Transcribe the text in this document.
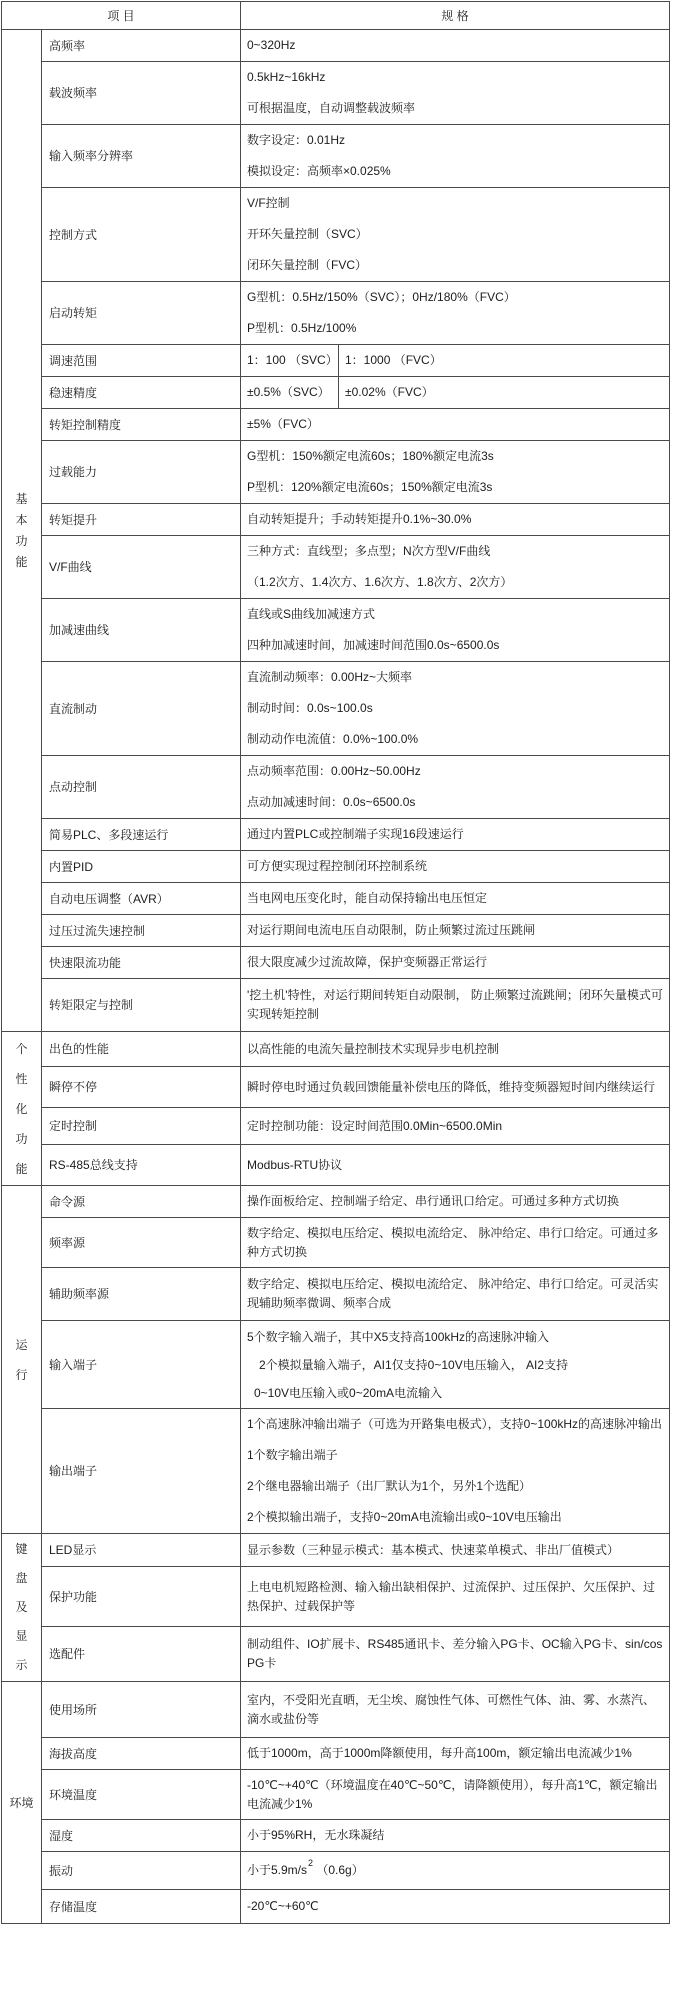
项 目		规 格	
基本功能	高频率	0~320Hz	

	载波频率	0.5kHz~16kHz
可根据温度，自动调整载波频率	

	输入频率分辨率	数字设定：0.01Hz
模拟设定：高频率×0.025%	

	控制方式	V/F控制
开环矢量控制（SVC）
闭环矢量控制（FVC）	

	启动转矩	G型机：0.5Hz/150%（SVC）；0Hz/180%（FVC）
P型机：0.5Hz/100%	

	调速范围	1：100 （SVC）	1：1000 （FVC）

	稳速精度	±0.5%（SVC）	±0.02%（FVC）

	转矩控制精度	±5%（FVC）	

	过载能力	G型机：150%额定电流60s；180%额定电流3s
P型机：120%额定电流60s；150%额定电流3s	

	转矩提升	自动转矩提升；手动转矩提升0.1%~30.0%	

	V/F曲线	三种方式：直线型；多点型；N次方型V/F曲线
（1.2次方、1.4次方、1.6次方、1.8次方、2次方）	

	加减速曲线	直线或S曲线加减速方式
四种加减速时间，加减速时间范围0.0s~6500.0s	

	直流制动	直流制动频率：0.00Hz~大频率
制动时间：0.0s~100.0s
制动动作电流值：0.0%~100.0%	

	点动控制	点动频率范围：0.00Hz~50.00Hz
点动加减速时间：0.0s~6500.0s	

	简易PLC、多段速运行	通过内置PLC或控制端子实现16段速运行	

	内置PID	可方便实现过程控制闭环控制系统	

	自动电压调整（AVR）	当电网电压变化时，能自动保持输出电压恒定	

	过压过流失速控制	对运行期间电流电压自动限制，防止频繁过流过压跳闸	

	快速限流功能	很大限度减少过流故障，保护变频器正常运行	

	转矩限定与控制	'挖土机'特性，对运行期间转矩自动限制， 防止频繁过流跳闸；闭环矢量模式可实现转矩控制	

个性化功能	出色的性能	以高性能的电流矢量控制技术实现异步电机控制	

	瞬停不停	瞬时停电时通过负载回馈能量补偿电压的降低，维持变频器短时间内继续运行	

	定时控制	定时控制功能：设定时间范围0.0Min~6500.0Min	

	RS-485总线支持	Modbus-RTU协议	

运行	命令源	操作面板给定、控制端子给定、串行通讯口给定。可通过多种方式切换	

	频率源	数字给定、模拟电压给定、模拟电流给定、 脉冲给定、串行口给定。可通过多种方式切换	

	辅助频率源	数字给定、模拟电压给定、模拟电流给定、 脉冲给定、串行口给定。可灵活实现辅助频率微调、频率合成	

	输入端子	5个数字输入端子，其中X5支持高100kHz的高速脉冲输入
2个模拟量输入端子，AI1仅支持0~10V电压输入， AI2支持
0~10V电压输入或0~20mA电流输入	

	输出端子	1个高速脉冲输出端子（可选为开路集电极式），支持0~100kHz的高速脉冲输出
1个数字输出端子
2个继电器输出端子（出厂默认为1个，另外1个选配）
2个模拟输出端子，支持0~20mA电流输出或0~10V电压输出	

键盘及显示	LED显示	显示参数（三种显示模式：基本模式、快速菜单模式、非出厂值模式）	

	保护功能	上电电机短路检测、输入输出缺相保护、过流保护、过压保护、欠压保护、过热保护、过载保护等	

	选配件	制动组件、IO扩展卡、RS485通讯卡、差分输入PG卡、OC输入PG卡、sin/cos PG卡	

环境	使用场所	室内，不受阳光直晒，无尘埃、腐蚀性气体、可燃性气体、油、雾、水蒸汽、滴水或盐份等	

	海拔高度	低于1000m，高于1000m降额使用，每升高100m，额定输出电流减少1%	

	环境温度	-10℃~+40℃（环境温度在40℃~50℃，请降额使用），每升高1℃，额定输出电流减少1%	

	湿度	小于95%RH，无水珠凝结	

	振动	小于$5.9m/s^2$ （0.6g）	

	存储温度	-20℃~+60℃	
